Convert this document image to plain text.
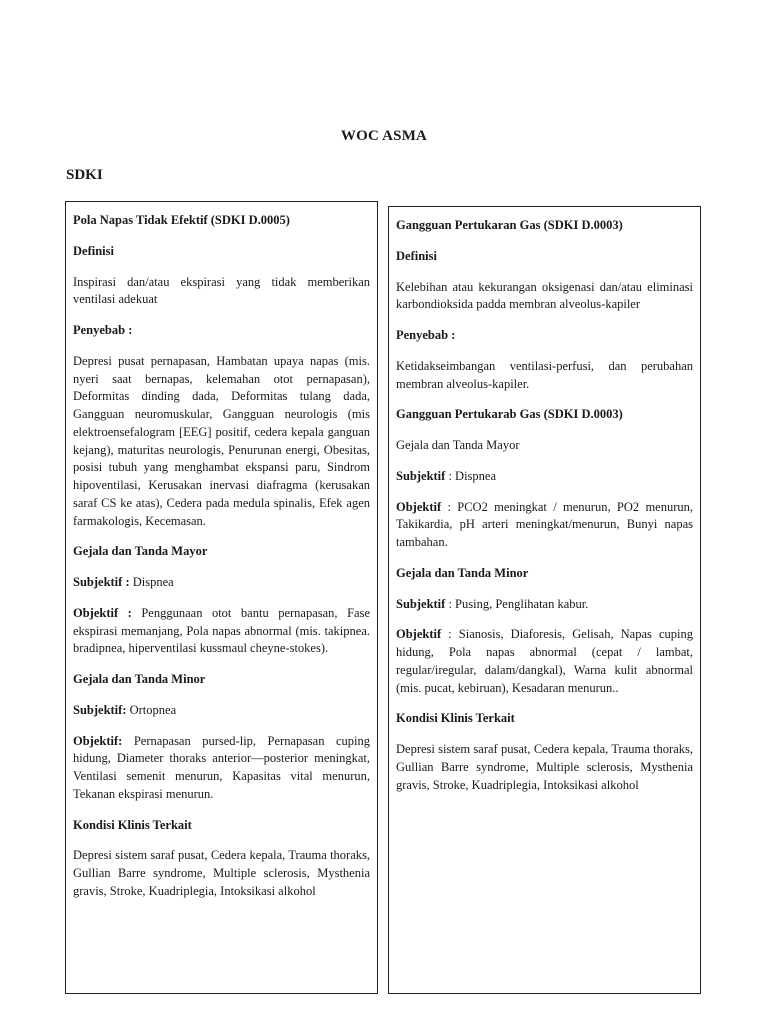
WOC ASMA
SDKI
Pola Napas Tidak Efektif (SDKI D.0005)
Definisi
Inspirasi dan/atau ekspirasi yang tidak memberikan ventilasi adekuat
Penyebab :
Depresi pusat pernapasan, Hambatan upaya napas (mis. nyeri saat bernapas, kelemahan otot pernapasan), Deformitas dinding dada, Deformitas tulang dada, Gangguan neuromuskular, Gangguan neurologis (mis elektroensefalogram [EEG] positif, cedera kepala ganguan kejang), maturitas neurologis, Penurunan energi, Obesitas, posisi tubuh yang menghambat ekspansi paru, Sindrom hipoventilasi, Kerusakan inervasi diafragma (kerusakan saraf CS ke atas), Cedera pada medula spinalis, Efek agen farmakologis, Kecemasan.
Gejala dan Tanda Mayor
Subjektif : Dispnea
Objektif : Penggunaan otot bantu pernapasan, Fase ekspirasi memanjang, Pola napas abnormal (mis. takipnea. bradipnea, hiperventilasi kussmaul cheyne-stokes).
Gejala dan Tanda Minor
Subjektif: Ortopnea
Objektif: Pernapasan pursed-lip, Pernapasan cuping hidung, Diameter thoraks anterior—posterior meningkat, Ventilasi semenit menurun, Kapasitas vital menurun, Tekanan ekspirasi menurun.
Kondisi Klinis Terkait
Depresi sistem saraf pusat, Cedera kepala, Trauma thoraks, Gullian Barre syndrome, Multiple sclerosis, Mysthenia gravis, Stroke, Kuadriplegia, Intoksikasi alkohol
Gangguan Pertukaran Gas (SDKI D.0003)
Definisi
Kelebihan atau kekurangan oksigenasi dan/atau eliminasi karbondioksida padda membran alveolus-kapiler
Penyebab :
Ketidakseimbangan ventilasi-perfusi, dan perubahan membran alveolus-kapiler.
Gangguan Pertukarab Gas (SDKI D.0003)
Gejala dan Tanda Mayor
Subjektif : Dispnea
Objektif : PCO2 meningkat / menurun, PO2 menurun, Takikardia, pH arteri meningkat/menurun, Bunyi napas tambahan.
Gejala dan Tanda Minor
Subjektif : Pusing, Penglihatan kabur.
Objektif : Sianosis, Diaforesis, Gelisah, Napas cuping hidung, Pola napas abnormal (cepat / lambat, regular/iregular, dalam/dangkal), Warna kulit abnormal (mis. pucat, kebiruan), Kesadaran menurun..
Kondisi Klinis Terkait
Depresi sistem saraf pusat, Cedera kepala, Trauma thoraks, Gullian Barre syndrome, Multiple sclerosis, Mysthenia gravis, Stroke, Kuadriplegia, Intoksikasi alkohol
